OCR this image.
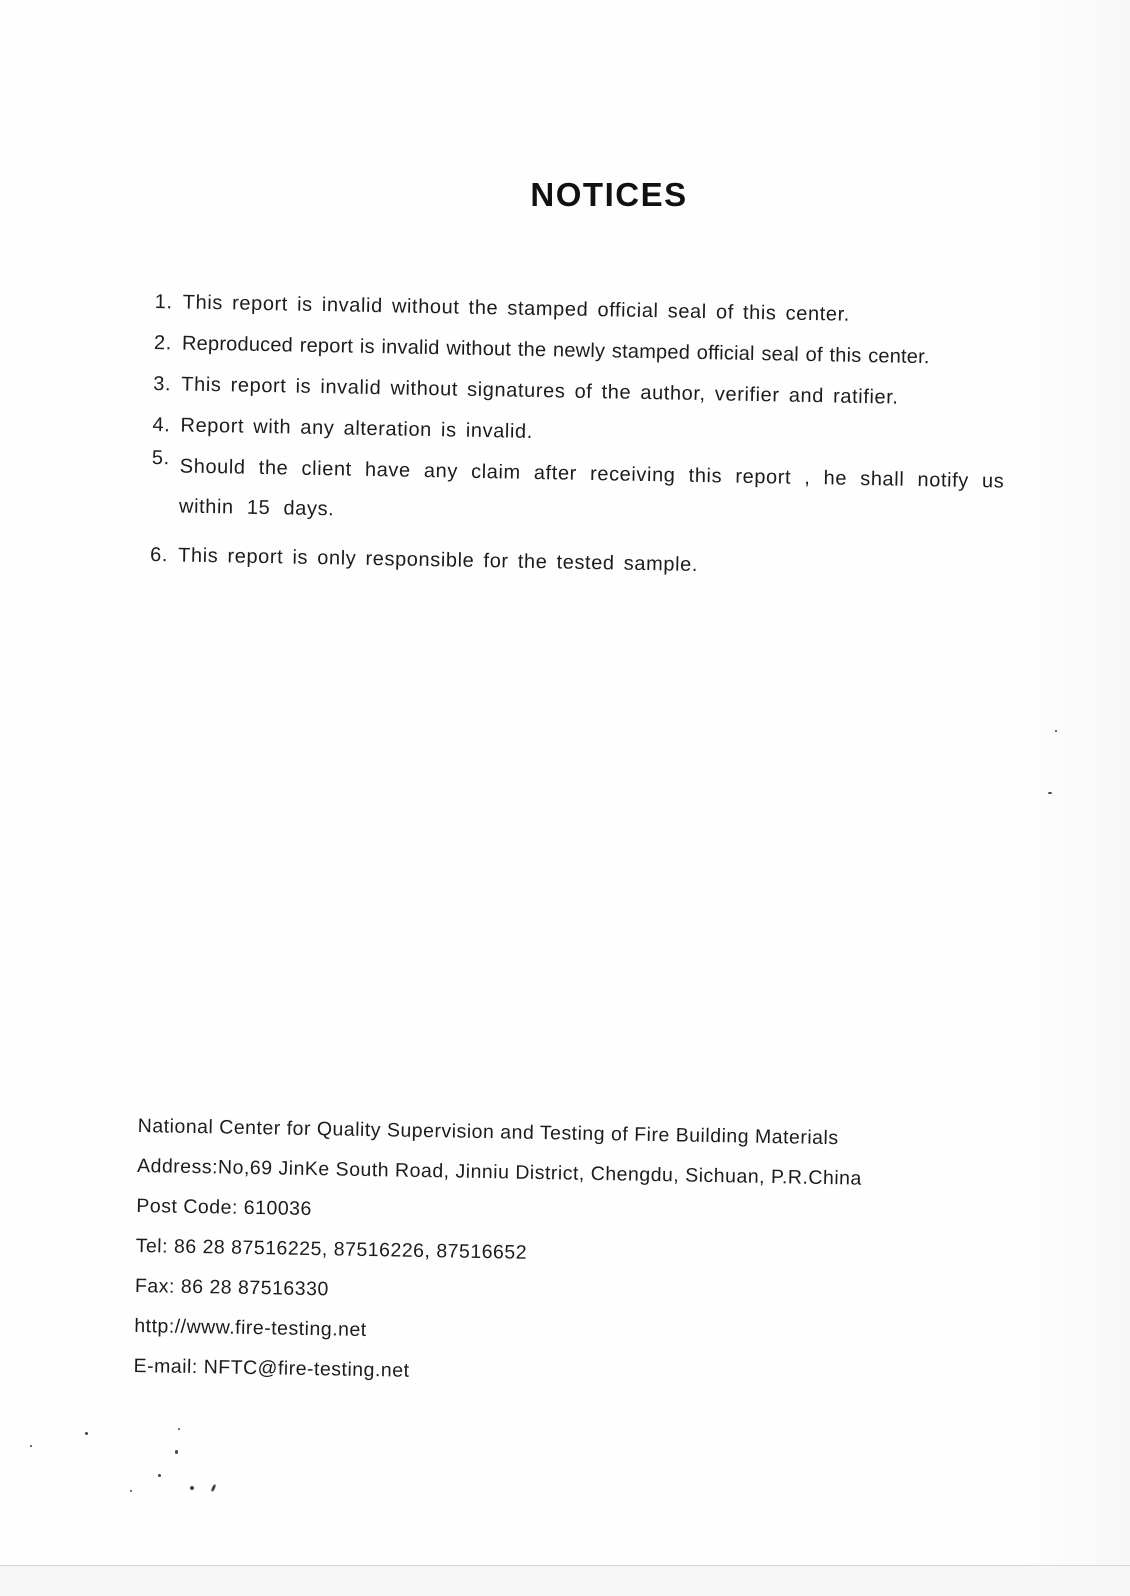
NOTICES
1. This report is invalid without the stamped official seal of this center.
2. Reproduced report is invalid without the newly stamped official seal of this center.
3. This report is invalid without signatures of the author, verifier and ratifier.
4. Report with any alteration is invalid.
5. Should the client have any claim after receiving this report , he shall notify us within 15 days.
6. This report is only responsible for the tested sample.
National Center for Quality Supervision and Testing of Fire Building Materials
Address:No,69 JinKe South Road, Jinniu District, Chengdu, Sichuan, P.R.China
Post Code: 610036
Tel: 86 28 87516225, 87516226, 87516652
Fax: 86 28 87516330
http://www.fire-testing.net
E-mail: NFTC@fire-testing.net
